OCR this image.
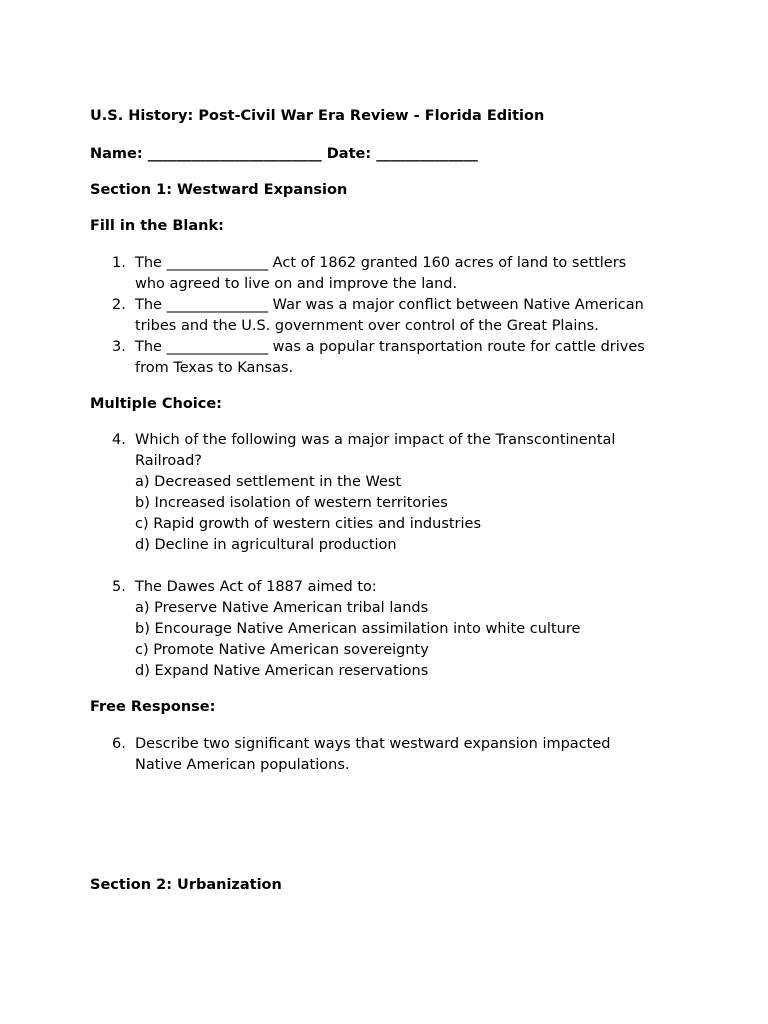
U.S. History: Post-Civil War Era Review - Florida Edition
Name: ________________________ Date: ______________
Section 1: Westward Expansion
Fill in the Blank:
1. The ______________ Act of 1862 granted 160 acres of land to settlers
who agreed to live on and improve the land.
2. The ______________ War was a major conflict between Native American
tribes and the U.S. government over control of the Great Plains.
3. The ______________ was a popular transportation route for cattle drives
from Texas to Kansas.
Multiple Choice:
4. Which of the following was a major impact of the Transcontinental
Railroad?
a) Decreased settlement in the West
b) Increased isolation of western territories
c) Rapid growth of western cities and industries
d) Decline in agricultural production
5. The Dawes Act of 1887 aimed to:
a) Preserve Native American tribal lands
b) Encourage Native American assimilation into white culture
c) Promote Native American sovereignty
d) Expand Native American reservations
Free Response:
6. Describe two significant ways that westward expansion impacted
Native American populations.
Section 2: Urbanization
